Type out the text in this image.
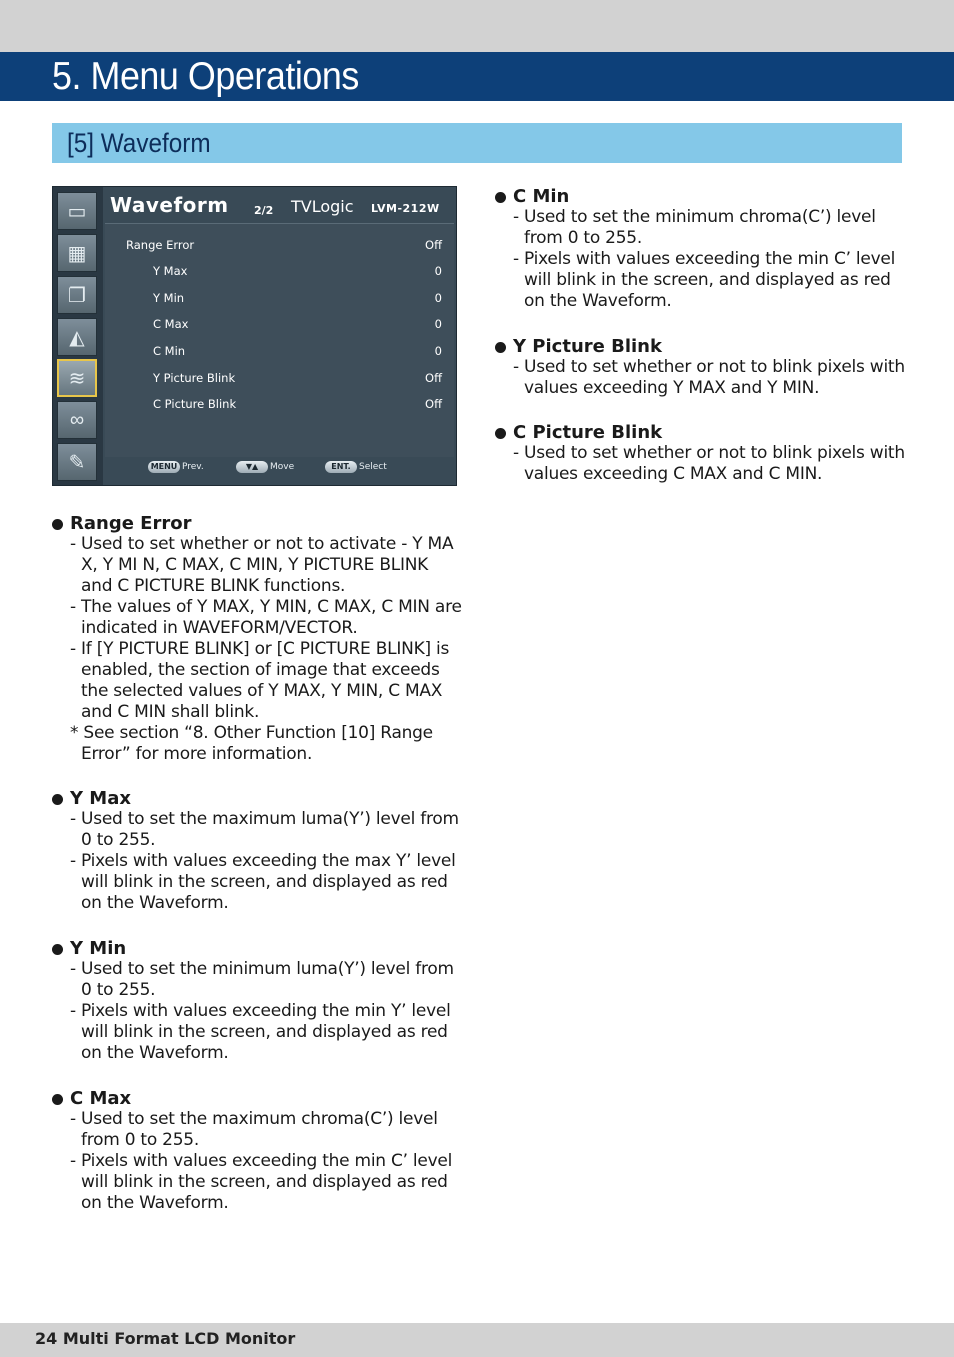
5. Menu Operations
[5] Waveform
▭
▦
❐
◭
≋
∞
✎
Waveform 2/2 TVLogic LVM-212W
Range Error	Off
Y Max	0
Y Min	0
C Max	0
C Min	0
Y Picture Blink	Off
C Picture Blink	Off
MENU Prev.	▼▲	Move	ENT. Select
Range Error
- Used to set whether or not to activate - Y MA X, Y MI N, C MAX, C MIN, Y PICTURE BLINK and C PICTURE BLINK functions.
- The values of Y MAX, Y MIN, C MAX, C MIN are indicated in WAVEFORM/VECTOR.
- If [Y PICTURE BLINK] or [C PICTURE BLINK] is enabled, the section of image that exceeds the selected values of Y MAX, Y MIN, C MAX and C MIN shall blink.
* See section “8. Other Function [10] Range Error” for more information.
Y Max
- Used to set the maximum luma(Y’) level from 0 to 255.
- Pixels with values exceeding the max Y’ level will blink in the screen, and displayed as red on the Waveform.
Y Min
- Used to set the minimum luma(Y’) level from 0 to 255.
- Pixels with values exceeding the min Y’ level will blink in the screen, and displayed as red on the Waveform.
C Max
- Used to set the maximum chroma(C’) level from 0 to 255.
- Pixels with values exceeding the min C’ level will blink in the screen, and displayed as red on the Waveform.
C Min
- Used to set the minimum chroma(C’) level from 0 to 255.
- Pixels with values exceeding the min C’ level will blink in the screen, and displayed as red on the Waveform.
Y Picture Blink
- Used to set whether or not to blink pixels with values exceeding Y MAX and Y MIN.
C Picture Blink
- Used to set whether or not to blink pixels with values exceeding C MAX and C MIN.
24 Multi Format LCD Monitor
